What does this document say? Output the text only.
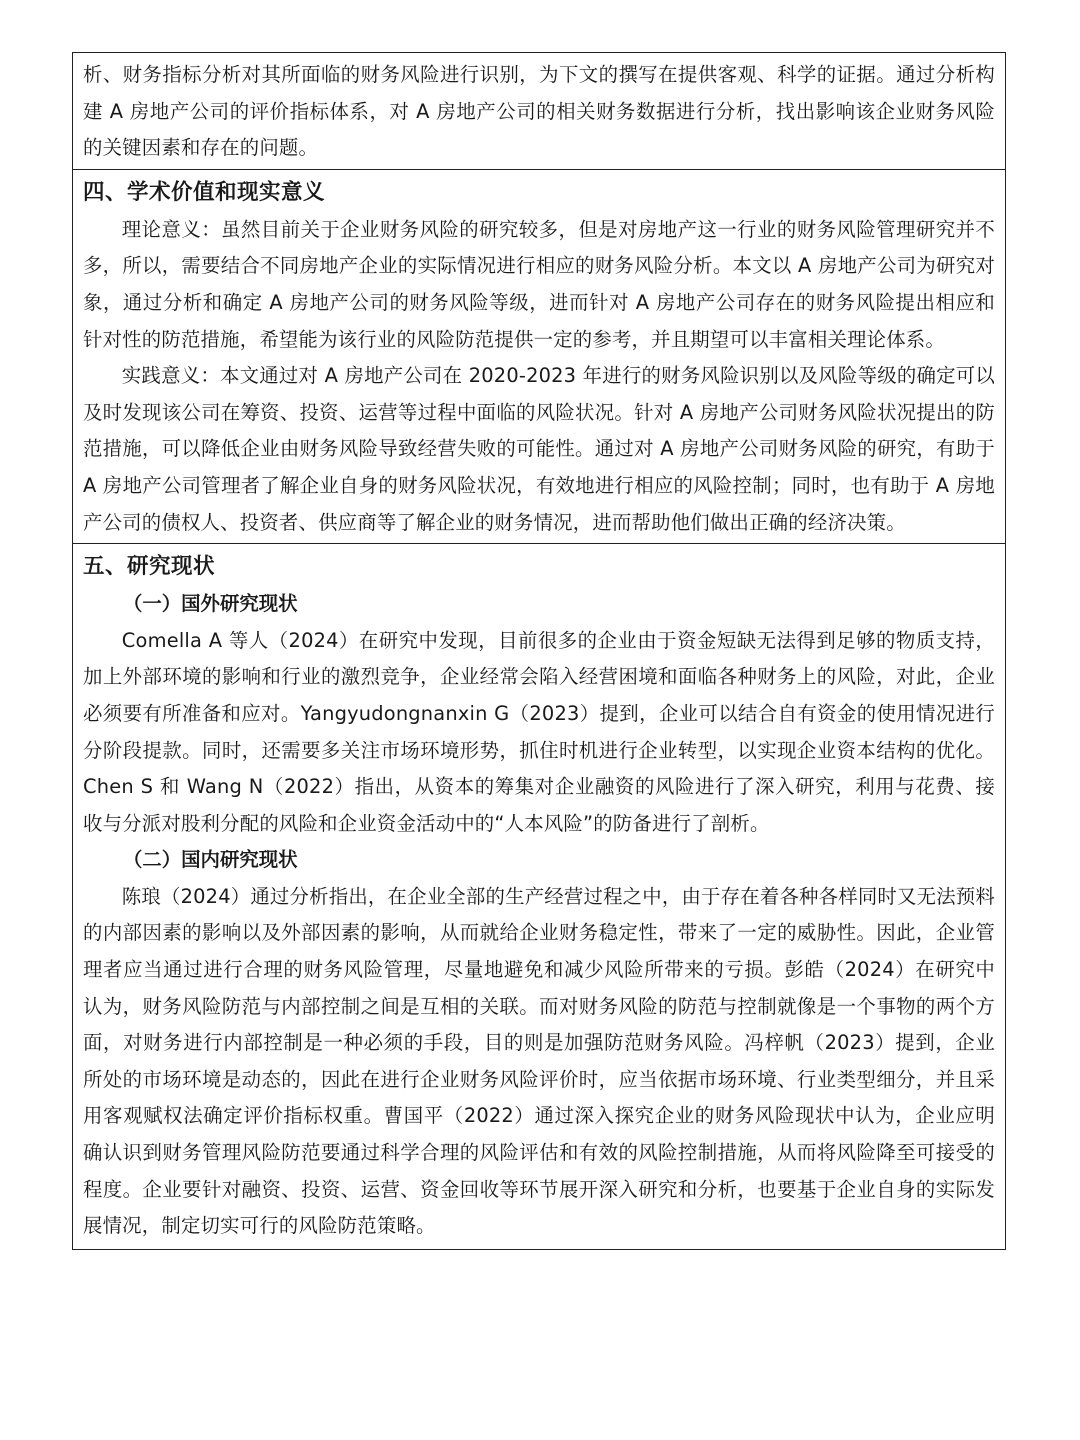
析、财务指标分析对其所面临的财务风险进行识别，为下文的撰写在提供客观、科学的证据。通过分析构建 A 房地产公司的评价指标体系，对 A 房地产公司的相关财务数据进行分析，找出影响该企业财务风险的关键因素和存在的问题。

四、学术价值和现实意义

理论意义：虽然目前关于企业财务风险的研究较多，但是对房地产这一行业的财务风险管理研究并不多，所以，需要结合不同房地产企业的实际情况进行相应的财务风险分析。本文以 A 房地产公司为研究对象，通过分析和确定 A 房地产公司的财务风险等级，进而针对 A 房地产公司存在的财务风险提出相应和针对性的防范措施，希望能为该行业的风险防范提供一定的参考，并且期望可以丰富相关理论体系。

实践意义：本文通过对 A 房地产公司在 2020-2023 年进行的财务风险识别以及风险等级的确定可以及时发现该公司在筹资、投资、运营等过程中面临的风险状况。针对 A 房地产公司财务风险状况提出的防范措施，可以降低企业由财务风险导致经营失败的可能性。通过对 A 房地产公司财务风险的研究，有助于 A 房地产公司管理者了解企业自身的财务风险状况，有效地进行相应的风险控制；同时，也有助于 A 房地产公司的债权人、投资者、供应商等了解企业的财务情况，进而帮助他们做出正确的经济决策。

五、研究现状
（一）国外研究现状

Comella A 等人（2024）在研究中发现，目前很多的企业由于资金短缺无法得到足够的物质支持，加上外部环境的影响和行业的激烈竞争，企业经常会陷入经营困境和面临各种财务上的风险，对此，企业必须要有所准备和应对。Yangyudongnanxin G（2023）提到，企业可以结合自有资金的使用情况进行分阶段提款。同时，还需要多关注市场环境形势，抓住时机进行企业转型，以实现企业资本结构的优化。Chen S 和 Wang N（2022）指出，从资本的筹集对企业融资的风险进行了深入研究，利用与花费、接收与分派对股利分配的风险和企业资金活动中的“人本风险”的防备进行了剖析。

（二）国内研究现状

陈琅（2024）通过分析指出，在企业全部的生产经营过程之中，由于存在着各种各样同时又无法预料的内部因素的影响以及外部因素的影响，从而就给企业财务稳定性，带来了一定的威胁性。因此，企业管理者应当通过进行合理的财务风险管理，尽量地避免和减少风险所带来的亏损。彭皓（2024）在研究中认为，财务风险防范与内部控制之间是互相的关联。而对财务风险的防范与控制就像是一个事物的两个方面，对财务进行内部控制是一种必须的手段，目的则是加强防范财务风险。冯梓帆（2023）提到，企业所处的市场环境是动态的，因此在进行企业财务风险评价时，应当依据市场环境、行业类型细分，并且采用客观赋权法确定评价指标权重。曹国平（2022）通过深入探究企业的财务风险现状中认为，企业应明确认识到财务管理风险防范要通过科学合理的风险评估和有效的风险控制措施，从而将风险降至可接受的程度。企业要针对融资、投资、运营、资金回收等环节展开深入研究和分析，也要基于企业自身的实际发展情况，制定切实可行的风险防范策略。
